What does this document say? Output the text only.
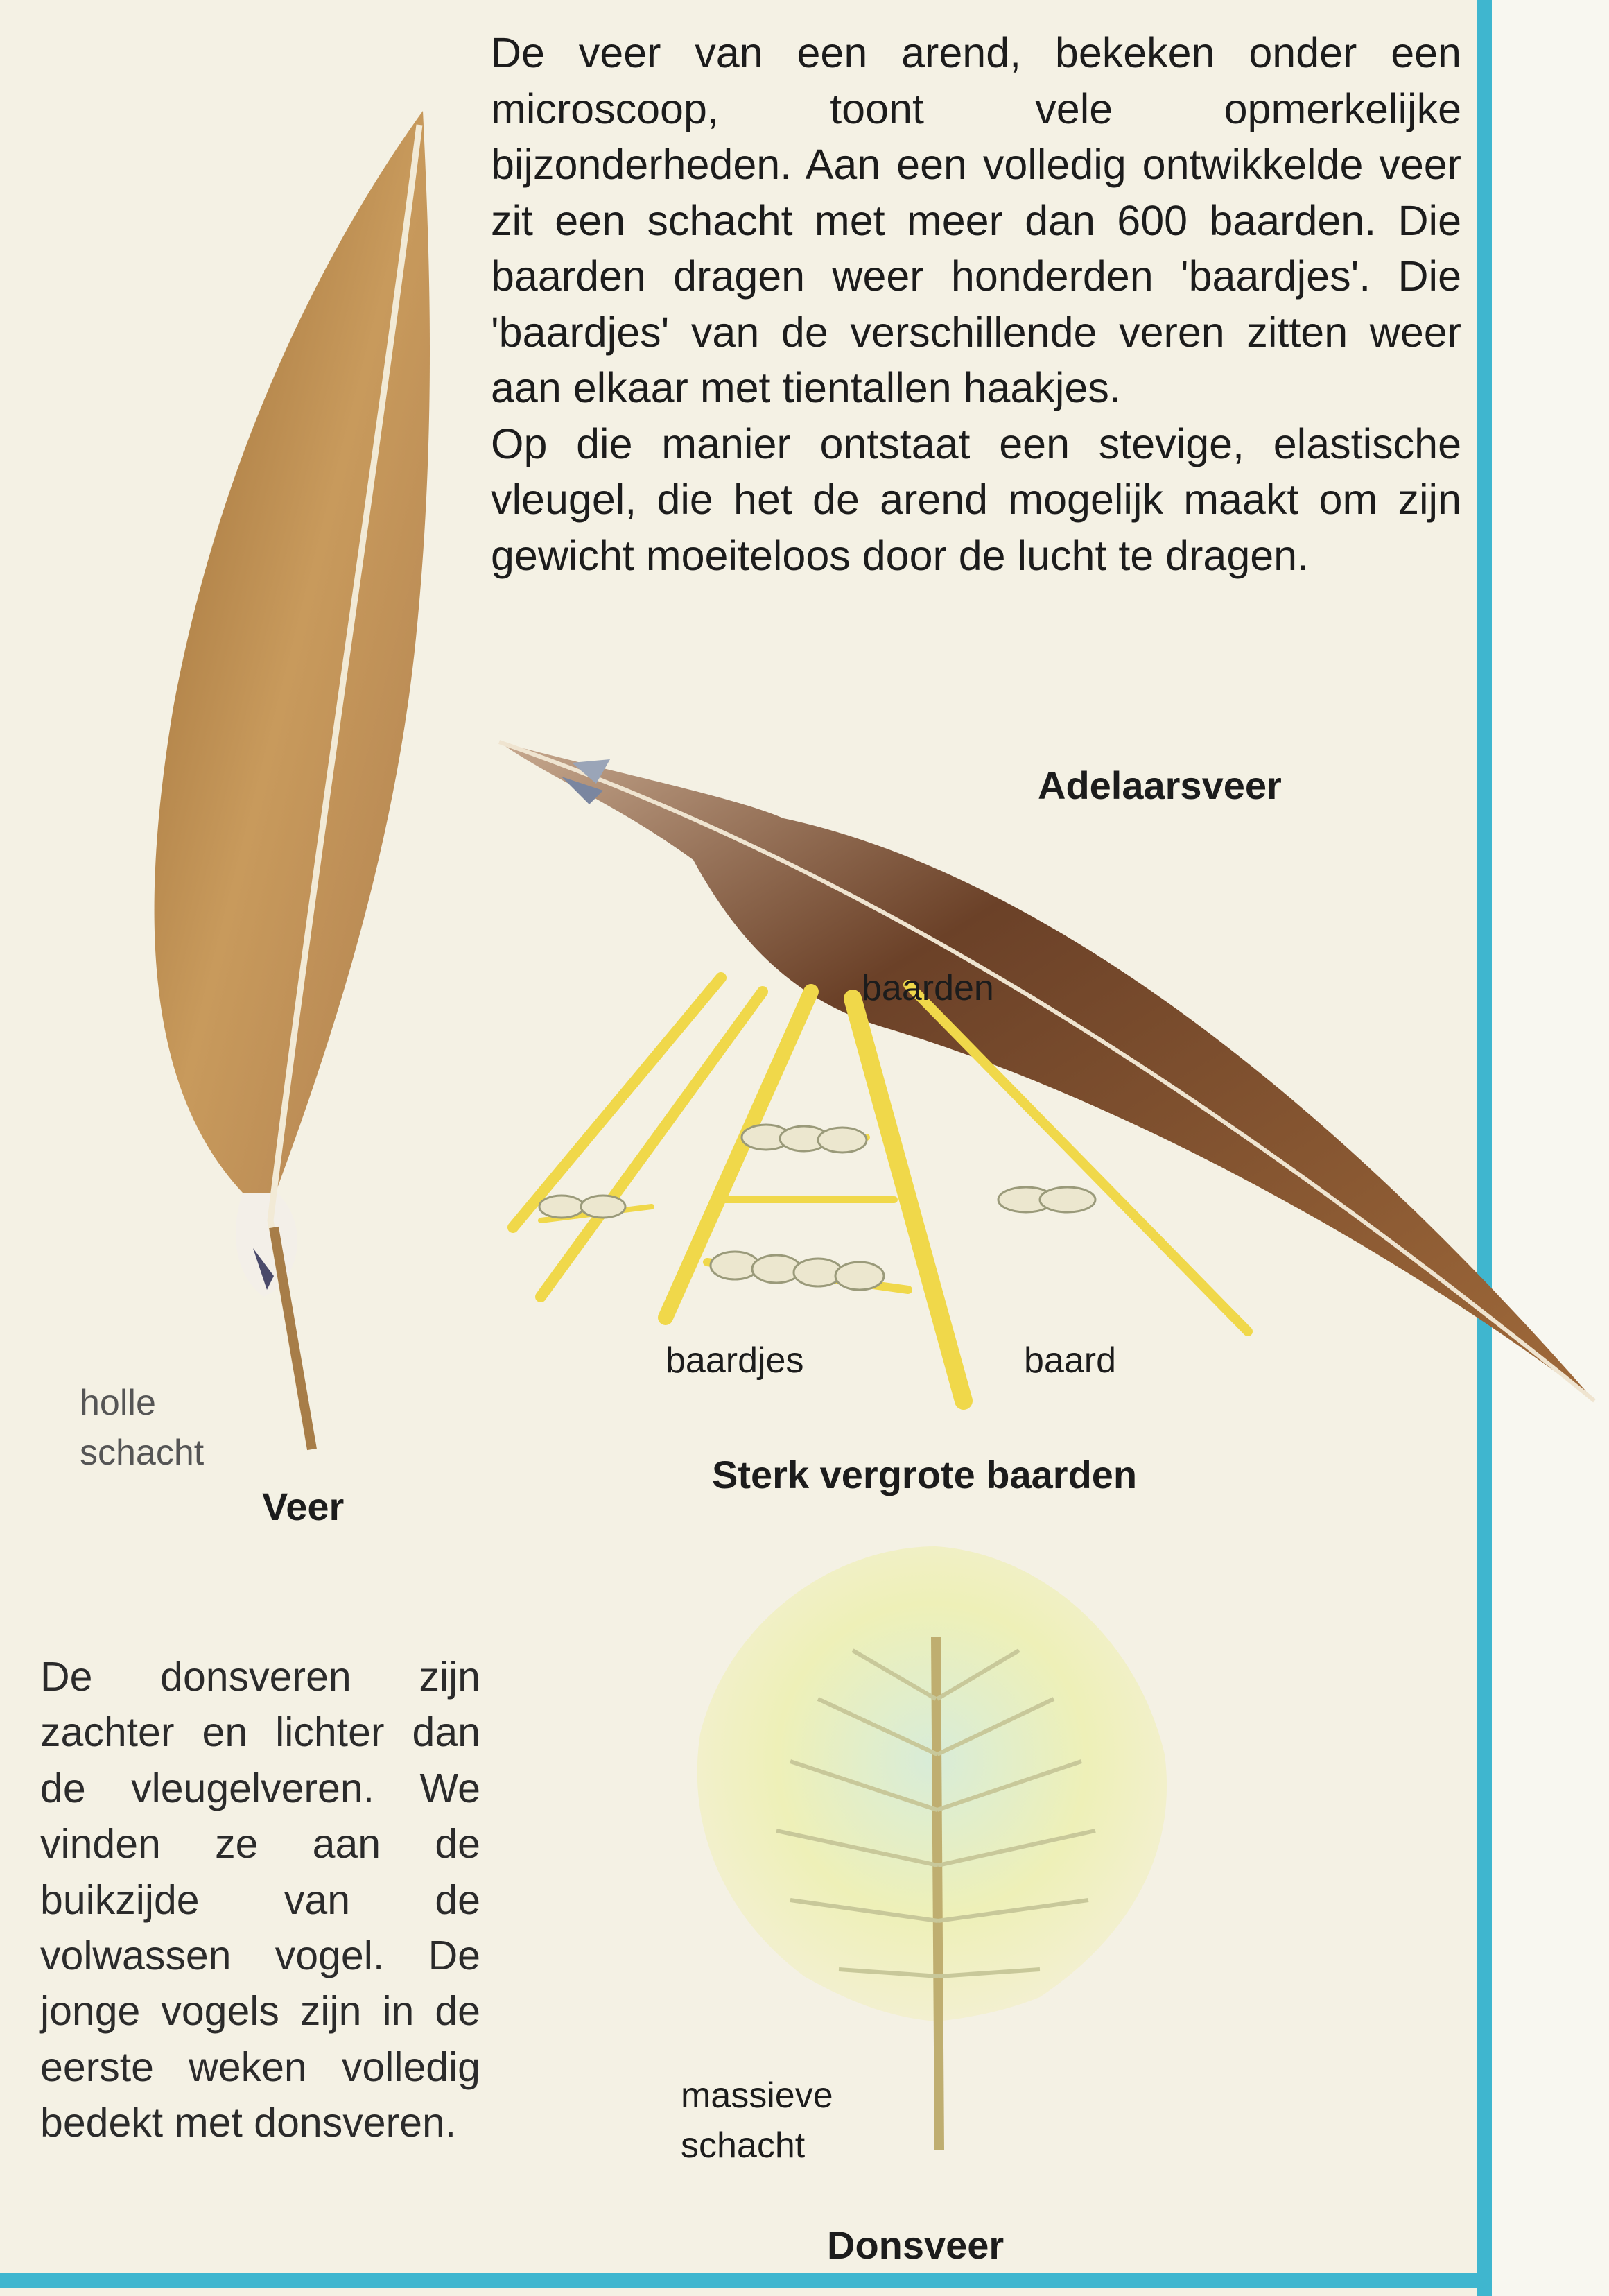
De veer van een arend, bekeken onder een microscoop, toont vele opmerkelijke bijzonderheden. Aan een volledig ontwikkelde veer zit een schacht met meer dan 600 baarden. Die baarden dragen weer honderden 'baardjes'. Die 'baardjes' van de verschillende veren zitten weer aan elkaar met tientallen haakjes.

Op die manier ontstaat een stevige, elastische vleugel, die het de arend mogelijk maakt om zijn gewicht moeiteloos door de lucht te dragen.

holle
schacht
Veer
Adelaarsveer
baarden
baardjes	baard
Sterk vergrote baarden
massieve
schacht
Donsveer

De donsveren zijn zachter en lichter dan de vleugelveren. We vinden ze aan de buikzijde van de volwassen vogel. De jonge vogels zijn in de eerste weken volledig bedekt met donsveren.
